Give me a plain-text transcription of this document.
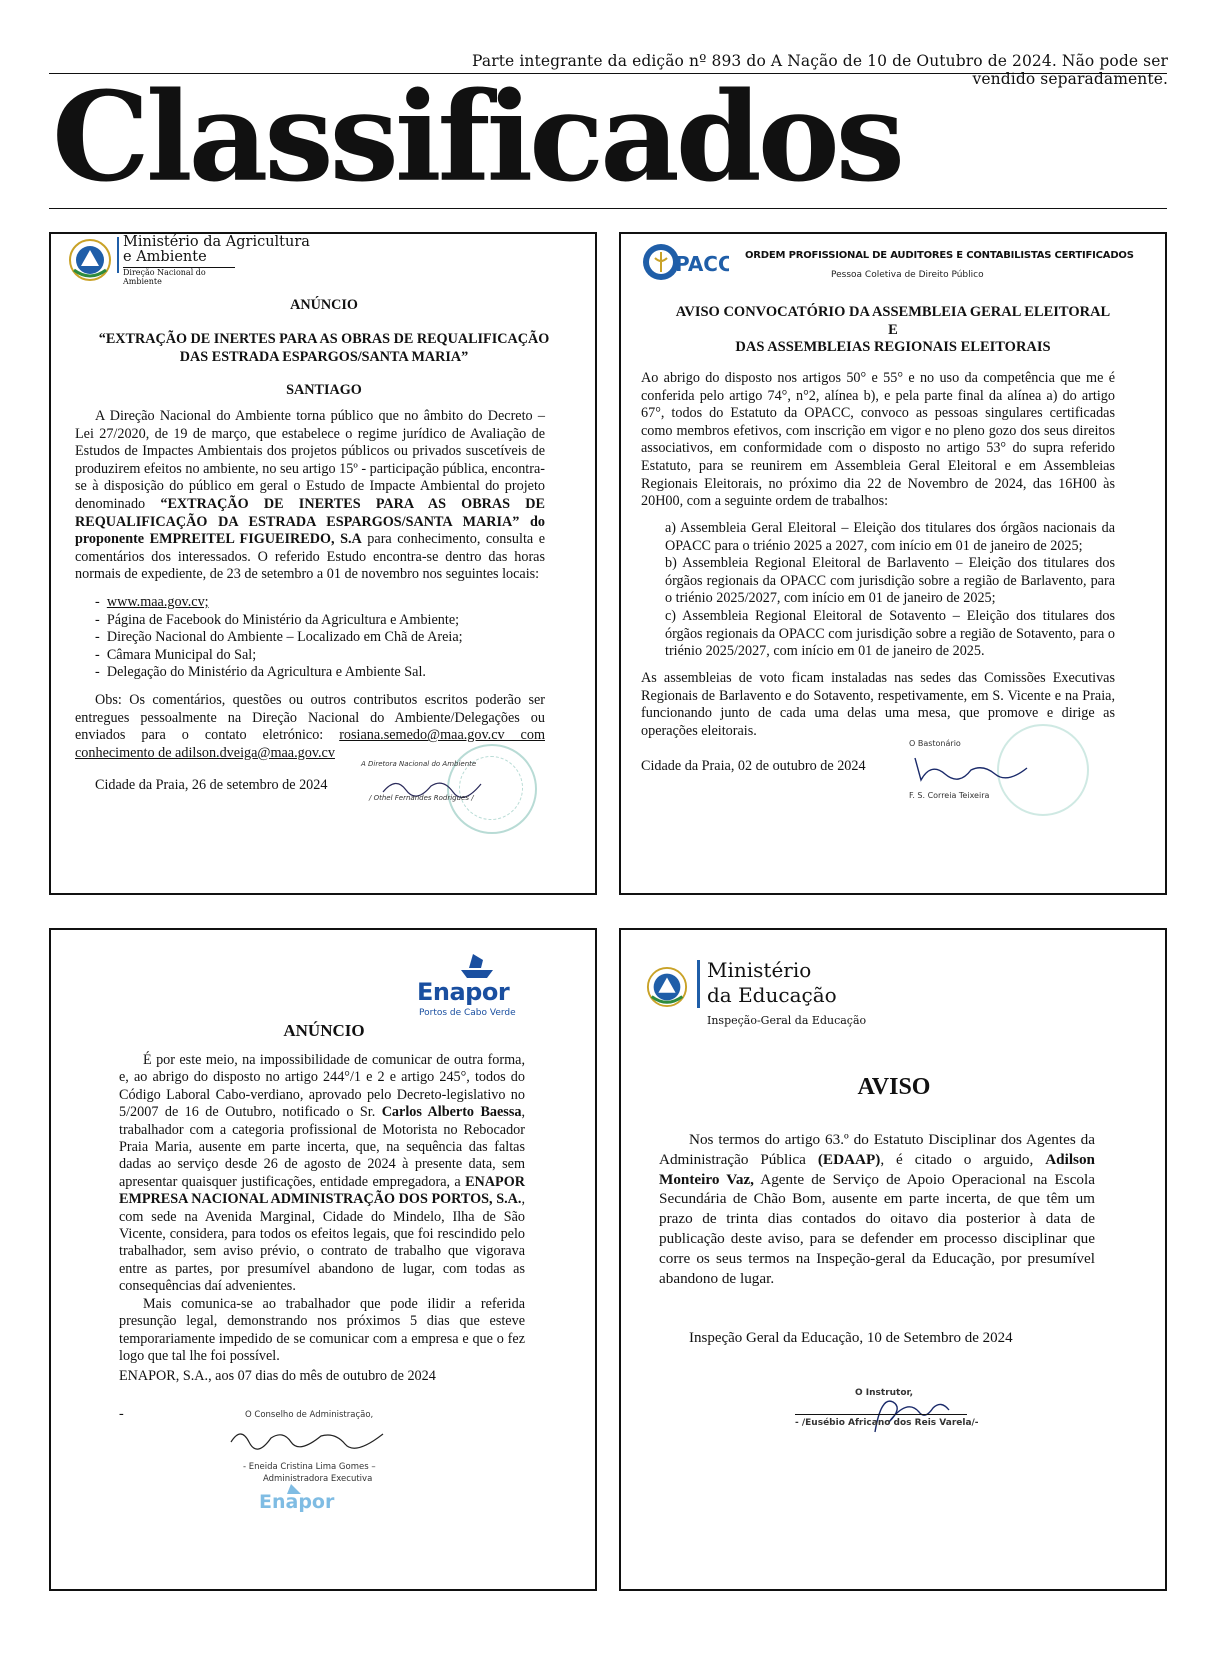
Parte integrante da edição nº 893 do A Nação de 10 de Outubro de 2024. Não pode ser vendido separadamente.
Classificados
Ministério da Agricultura
e Ambiente
Direção Nacional do Ambiente
ANÚNCIO
“EXTRAÇÃO DE INERTES PARA AS OBRAS DE REQUALIFICAÇÃO
DAS ESTRADA ESPARGOS/SANTA MARIA”
SANTIAGO
A Direção Nacional do Ambiente torna público que no âmbito do Decreto – Lei 27/2020, de 19 de março, que estabelece o regime jurídico de Avaliação de Estudos de Impactes Ambientais dos projetos públicos ou privados suscetíveis de produzirem efeitos no ambiente, no seu artigo 15º - participação pública, encontra-se à disposição do público em geral o Estudo de Impacte Ambiental do projeto denominado “EXTRAÇÃO DE INERTES PARA AS OBRAS DE REQUALIFICAÇÃO DA ESTRADA ESPARGOS/SANTA MARIA” do proponente EMPREITEL FIGUEIREDO, S.A para conhecimento, consulta e comentários dos interessados. O referido Estudo encontra-se dentro das horas normais de expediente, de 23 de setembro a 01 de novembro nos seguintes locais:
-  www.maa.gov.cv;
-  Página de Facebook do Ministério da Agricultura e Ambiente;
-  Direção Nacional do Ambiente – Localizado em Chã de Areia;
-  Câmara Municipal do Sal;
-  Delegação do Ministério da Agricultura e Ambiente Sal.
Obs: Os comentários, questões ou outros contributos escritos poderão ser entregues pessoalmente na Direção Nacional do Ambiente/Delegações ou enviados para o contato eletrónico: rosiana.semedo@maa.gov.cv com conhecimento de adilson.dveiga@maa.gov.cv
Cidade da Praia, 26 de setembro de 2024
A Diretora Nacional do Ambiente
/ Othel Fernandes Rodrigues /
PACC ORDEM PROFISSIONAL DE AUDITORES E CONTABILISTAS CERTIFICADOS
Pessoa Coletiva de Direito Público
AVISO CONVOCATÓRIO DA ASSEMBLEIA GERAL ELEITORAL
E
DAS ASSEMBLEIAS REGIONAIS ELEITORAIS
Ao abrigo do disposto nos artigos 50° e 55° e no uso da competência que me é conferida pelo artigo 74°, n°2, alínea b), e pela parte final da alínea a) do artigo 67°, todos do Estatuto da OPACC, convoco as pessoas singulares certificadas como membros efetivos, com inscrição em vigor e no pleno gozo dos seus direitos associativos, em conformidade com o disposto no artigo 53° do supra referido Estatuto, para se reunirem em Assembleia Geral Eleitoral e em Assembleias Regionais Eleitorais, no próximo dia 22 de Novembro de 2024, das 16H00 às 20H00, com a seguinte ordem de trabalhos:
a) Assembleia Geral Eleitoral – Eleição dos titulares dos órgãos nacionais da OPACC para o triénio 2025 a 2027, com início em 01 de janeiro de 2025;
b) Assembleia Regional Eleitoral de Barlavento – Eleição dos titulares dos órgãos regionais da OPACC com jurisdição sobre a região de Barlavento, para o triénio 2025/2027, com início em 01 de janeiro de 2025;
c) Assembleia Regional Eleitoral de Sotavento – Eleição dos titulares dos órgãos regionais da OPACC com jurisdição sobre a região de Sotavento, para o triénio 2025/2027, com início em 01 de janeiro de 2025.
As assembleias de voto ficam instaladas nas sedes das Comissões Executivas Regionais de Barlavento e do Sotavento, respetivamente, em S. Vicente e na Praia, funcionando junto de cada uma delas uma mesa, que promove e dirige as operações eleitorais.
Cidade da Praia, 02 de outubro de 2024
O Bastonário
F. S. Correia Teixeira
Enapor
Portos de Cabo Verde
ANÚNCIO
É por este meio, na impossibilidade de comunicar de outra forma, e, ao abrigo do disposto no artigo 244°/1 e 2 e artigo 245°, todos do Código Laboral Cabo-verdiano, aprovado pelo Decreto-legislativo no 5/2007 de 16 de Outubro, notificado o Sr. Carlos Alberto Baessa, trabalhador com a categoria profissional de Motorista no Rebocador Praia Maria, ausente em parte incerta, que, na sequência das faltas dadas ao serviço desde 26 de agosto de 2024 à presente data, sem apresentar quaisquer justificações, entidade empregadora, a ENAPOR EMPRESA NACIONAL ADMINISTRAÇÃO DOS PORTOS, S.A., com sede na Avenida Marginal, Cidade do Mindelo, Ilha de São Vicente, considera, para todos os efeitos legais, que foi rescindido pelo trabalhador, sem aviso prévio, o contrato de trabalho que vigorava entre as partes, por presumível abandono de lugar, com todas as consequências daí advenientes.
Mais comunica-se ao trabalhador que pode ilidir a referida presunção legal, demonstrando nos próximos 5 dias que esteve temporariamente impedido de se comunicar com a empresa e que o fez logo que tal lhe foi possível.
ENAPOR, S.A., aos 07 dias do mês de outubro de 2024
-	O Conselho de Administração,
- Eneida Cristina Lima Gomes –
Administradora Executiva
Enapor
Ministério
da Educação
Inspeção-Geral da Educação
AVISO
Nos termos do artigo 63.º do Estatuto Disciplinar dos Agentes da Administração Pública (EDAAP), é citado o arguido, Adilson Monteiro Vaz, Agente de Serviço de Apoio Operacional na Escola Secundária de Chão Bom, ausente em parte incerta, de que têm um prazo de trinta dias contados do oitavo dia posterior à data de publicação deste aviso, para se defender em processo disciplinar que corre os seus termos na Inspeção-geral da Educação, por presumível abandono de lugar.
Inspeção Geral da Educação, 10 de Setembro de 2024
O Instrutor,
- /Eusébio Africano dos Reis Varela/-
